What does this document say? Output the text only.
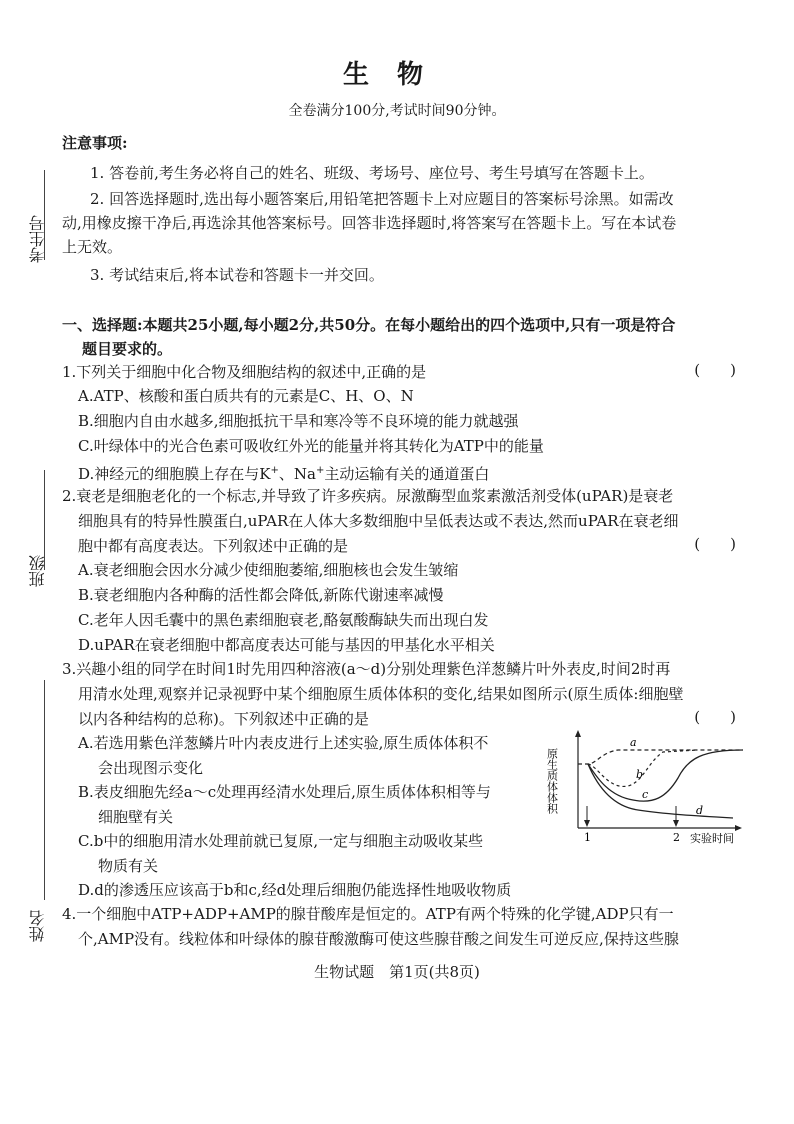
考生号
班级
姓名
生物
全卷满分100分,考试时间90分钟。
注意事项:
1. 答卷前,考生务必将自己的姓名、班级、考场号、座位号、考生号填写在答题卡上。
2. 回答选择题时,选出每小题答案后,用铅笔把答题卡上对应题目的答案标号涂黑。如需改
动,用橡皮擦干净后,再选涂其他答案标号。回答非选择题时,将答案写在答题卡上。写在本试卷
上无效。
3. 考试结束后,将本试卷和答题卡一并交回。
一、选择题:本题共25小题,每小题2分,共50分。在每小题给出的四个选项中,只有一项是符合
题目要求的。
1.下列关于细胞中化合物及细胞结构的叙述中,正确的是	(　　)
A.ATP、核酸和蛋白质共有的元素是C、H、O、N
B.细胞内自由水越多,细胞抵抗干旱和寒冷等不良环境的能力就越强
C.叶绿体中的光合色素可吸收红外光的能量并将其转化为ATP中的能量
D.神经元的细胞膜上存在与K+、Na+主动运输有关的通道蛋白
2.衰老是细胞老化的一个标志,并导致了许多疾病。尿激酶型血浆素激活剂受体(uPAR)是衰老
细胞具有的特异性膜蛋白,uPAR在人体大多数细胞中呈低表达或不表达,然而uPAR在衰老细
胞中都有高度表达。下列叙述中正确的是	(　　)
A.衰老细胞会因水分减少使细胞萎缩,细胞核也会发生皱缩
B.衰老细胞内各种酶的活性都会降低,新陈代谢速率减慢
C.老年人因毛囊中的黑色素细胞衰老,酪氨酸酶缺失而出现白发
D.uPAR在衰老细胞中都高度表达可能与基因的甲基化水平相关
3.兴趣小组的同学在时间1时先用四种溶液(a～d)分别处理紫色洋葱鳞片叶外表皮,时间2时再
用清水处理,观察并记录视野中某个细胞原生质体体积的变化,结果如图所示(原生质体:细胞壁
以内各种结构的总称)。下列叙述中正确的是	(　　)
A.若选用紫色洋葱鳞片叶内表皮进行上述实验,原生质体体积不
会出现图示变化
B.表皮细胞先经a～c处理再经清水处理后,原生质体体积相等与
细胞壁有关
C.b中的细胞用清水处理前就已复原,一定与细胞主动吸收某些
物质有关
D.d的渗透压应该高于b和c,经d处理后细胞仍能选择性地吸收物质
原生质体体积
1	2 实验时间
a
b
c
d
4.一个细胞中ATP+ADP+AMP的腺苷酸库是恒定的。ATP有两个特殊的化学键,ADP只有一
个,AMP没有。线粒体和叶绿体的腺苷酸激酶可使这些腺苷酸之间发生可逆反应,保持这些腺
生物试题　第1页(共8页)
